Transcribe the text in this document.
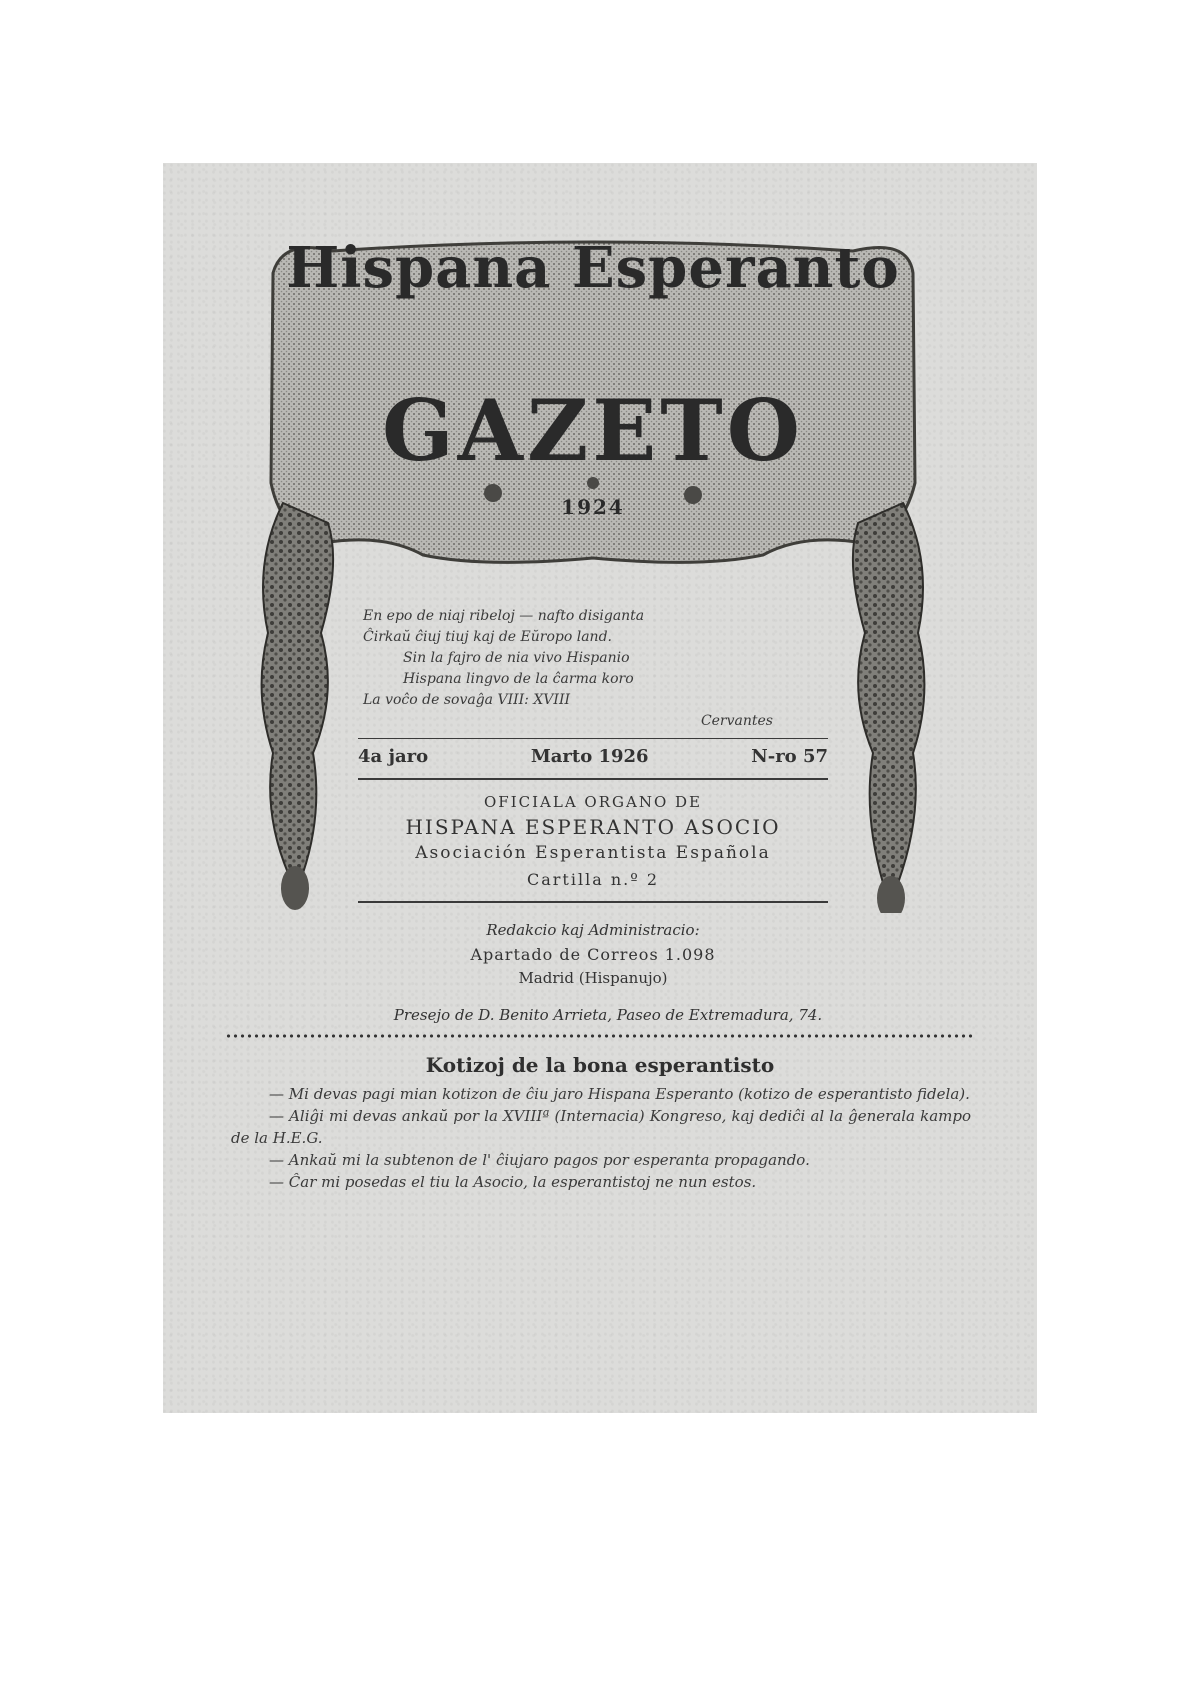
Hispana Esperanto
GAZETO
1924
En epo de niaj ribeloj — nafto disiganta
Ĉirkaŭ ĉiuj tiuj kaj de Eŭropo land.
Sin la fajro de nia vivo Hispanio
Hispana lingvo de la ĉarma koro
La voĉo de sovaĝa VIII: XVIII
Cervantes
4a jaro	Marto 1926	N-ro 57
OFICIALA ORGANO DE
HISPANA ESPERANTO ASOCIO
Asociación Esperantista Española
Cartilla n.º 2
Redakcio kaj Administracio:
Apartado de Correos 1.098
Madrid (Hispanujo)
Presejo de D. Benito Arrieta, Paseo de Extremadura, 74.
Kotizoj de la bona esperantisto

— Mi devas pagi mian kotizon de ĉiu jaro Hispana Esperanto (kotizo de esperantisto fidela).

— Aliĝi mi devas ankaŭ por la XVIIIª (Internacia) Kongreso, kaj dediĉi al la ĝenerala kampo de la H.E.G.

— Ankaŭ mi la subtenon de l' ĉiujaro pagos por esperanta propagando.

— Ĉar mi posedas el tiu la Asocio, la esperantistoj ne nun estos.
